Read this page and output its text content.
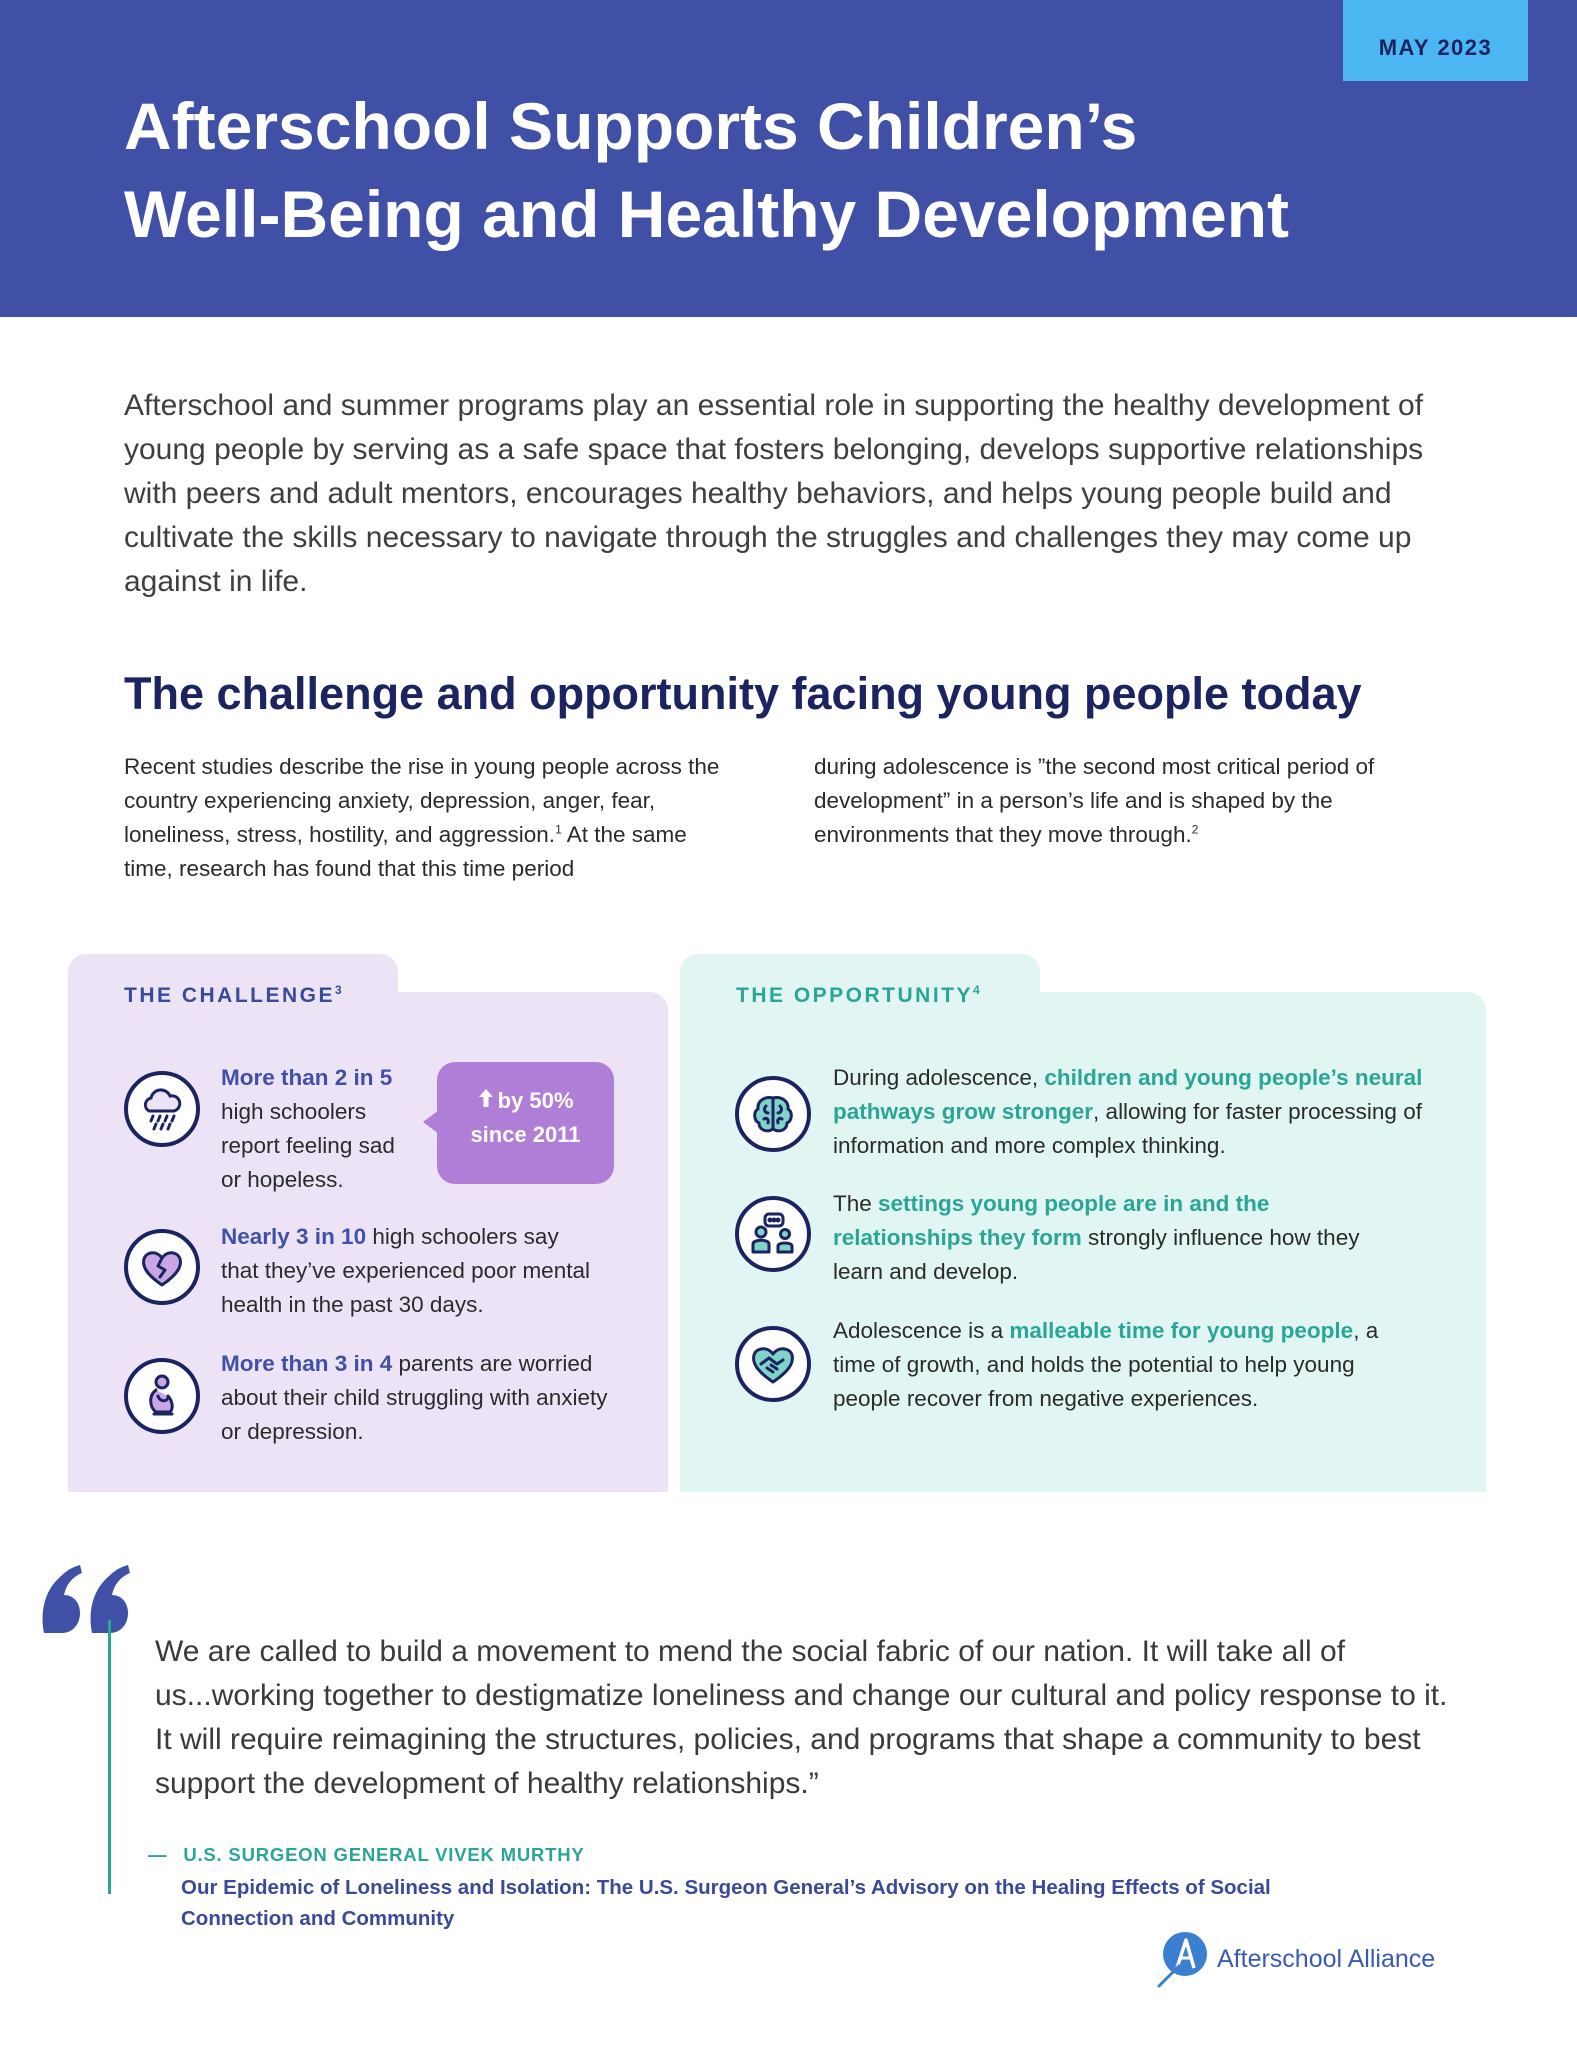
MAY 2023
Afterschool Supports Children’s
Well-Being and Healthy Development

Afterschool and summer programs play an essential role in supporting the healthy development of young people by serving as a safe space that fosters belonging, develops supportive relationships with peers and adult mentors, encourages healthy behaviors, and helps young people build and cultivate the skills necessary to navigate through the struggles and challenges they may come up against in life.

The challenge and opportunity facing young people today

Recent studies describe the rise in young people across the country experiencing anxiety, depression, anger, fear, loneliness, stress, hostility, and aggression.$^1$ At the same time, research has found that this time period

during adolescence is ”the second most critical period of development” in a person’s life and is shaped by the environments that they move through.$^2$

THE CHALLENGE$^3$

More than 2 in 5 high schoolers report feeling sad or hopeless.

by 50%
since 2011

Nearly 3 in 10 high schoolers say that they’ve experienced poor mental health in the past 30 days.

More than 3 in 4 parents are worried about their child struggling with anxiety or depression.

THE OPPORTUNITY$^4$

During adolescence, children and young people’s neural pathways grow stronger, allowing for faster processing of information and more complex thinking.

The settings young people are in and the relationships they form strongly influence how they learn and develop.

Adolescence is a malleable time for young people, a time of growth, and holds the potential to help young people recover from negative experiences.

We are called to build a movement to mend the social fabric of our nation. It will take all of us...working together to destigmatize loneliness and change our cultural and policy response to it. It will require reimagining the structures, policies, and programs that shape a community to best support the development of healthy relationships.”

— U.S. SURGEON GENERAL VIVEK MURTHY

Our Epidemic of Loneliness and Isolation: The U.S. Surgeon General’s Advisory on the Healing Effects of Social Connection and Community

Afterschool Alliance
